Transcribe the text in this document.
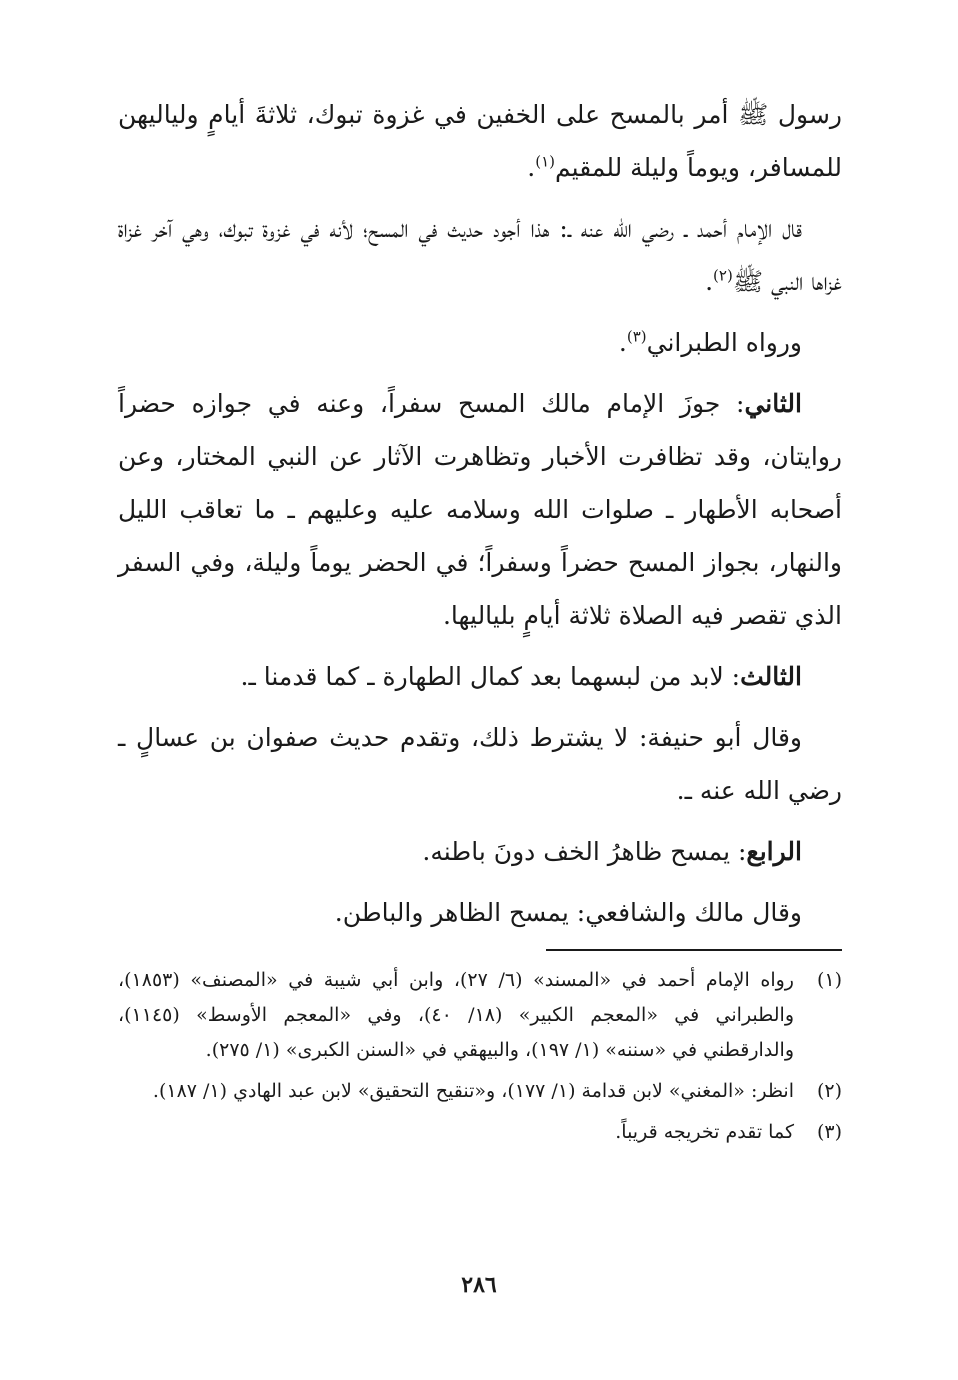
رسول ﷺ أمر بالمسح على الخفين في غزوة تبوك، ثلاثةَ أيامٍ ولياليهن للمسافر، ويوماً وليلة للمقيم$^{(١)}$.

قال الإمام أحمد ـ رضي الله عنه ـ: هذا أجود حديث في المسح؛ لأنه في غزوة تبوك، وهي آخر غزاة غزاها النبي ﷺ$^{(٢)}$.

ورواه الطبراني$^{(٣)}$.

الثاني: جوزَ الإمام مالك المسح سفراً، وعنه في جوازه حضراً روايتان، وقد تظافرت الأخبار وتظاهرت الآثار عن النبي المختار، وعن أصحابه الأطهار ـ صلوات الله وسلامه عليه وعليهم ـ ما تعاقب الليل والنهار، بجواز المسح حضراً وسفراً؛ في الحضر يوماً وليلة، وفي السفر الذي تقصر فيه الصلاة ثلاثة أيامٍ بلياليها.

الثالث: لابد من لبسهما بعد كمال الطهارة ـ كما قدمنا ـ.

وقال أبو حنيفة: لا يشترط ذلك، وتقدم حديث صفوان بن عسالٍ ـ رضي الله عنه ـ.

الرابع: يمسح ظاهرُ الخف دونَ باطنه.

وقال مالك والشافعي: يمسح الظاهر والباطن.

(١)
رواه الإمام أحمد في «المسند» (٦/ ٢٧)، وابن أبي شيبة في «المصنف» (١٨٥٣)، والطبراني في «المعجم الكبير» (١٨/ ٤٠)، وفي «المعجم الأوسط» (١١٤٥)، والدارقطني في «سننه» (١/ ١٩٧)، والبيهقي في «السنن الكبرى» (١/ ٢٧٥).
(٢)
انظر: «المغني» لابن قدامة (١/ ١٧٧)، و«تنقيح التحقيق» لابن عبد الهادي (١/ ١٨٧).
(٣)
كما تقدم تخريجه قريباً.
٢٨٦
